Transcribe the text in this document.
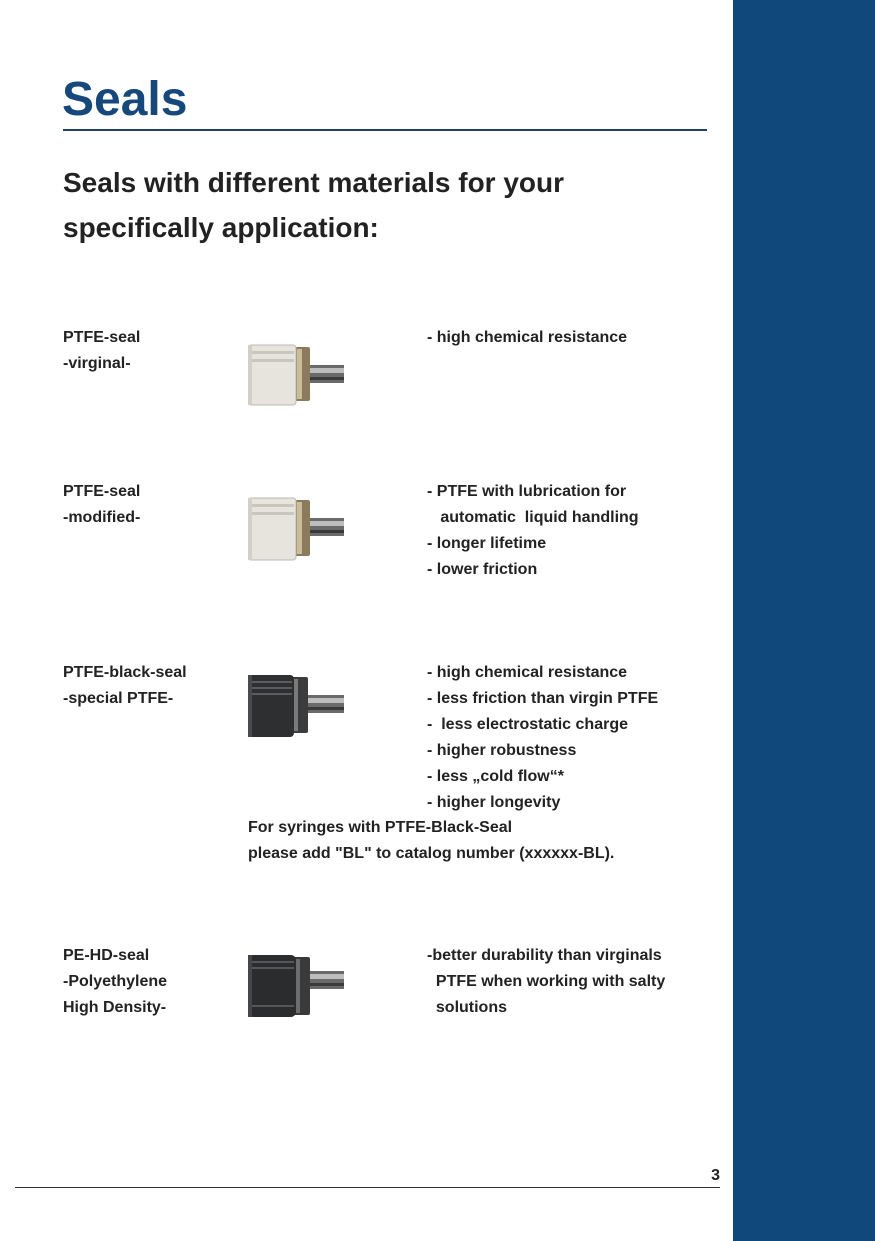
Seals
Seals with different materials for your
specifically application:
PTFE-seal
-virginal-
- high chemical resistance
PTFE-seal
-modified-
- PTFE with lubrication for
automatic  liquid handling
- longer lifetime
- lower friction
PTFE-black-seal
-special PTFE-
- high chemical resistance
- less friction than virgin PTFE
-  less electrostatic charge
- higher robustness
- less „cold flow“*
- higher longevity
For syringes with PTFE-Black-Seal
please add "BL" to catalog number (xxxxxx-BL).
PE-HD-seal
-Polyethylene
High Density-
-better durability than virginals
PTFE when working with salty
solutions
3
